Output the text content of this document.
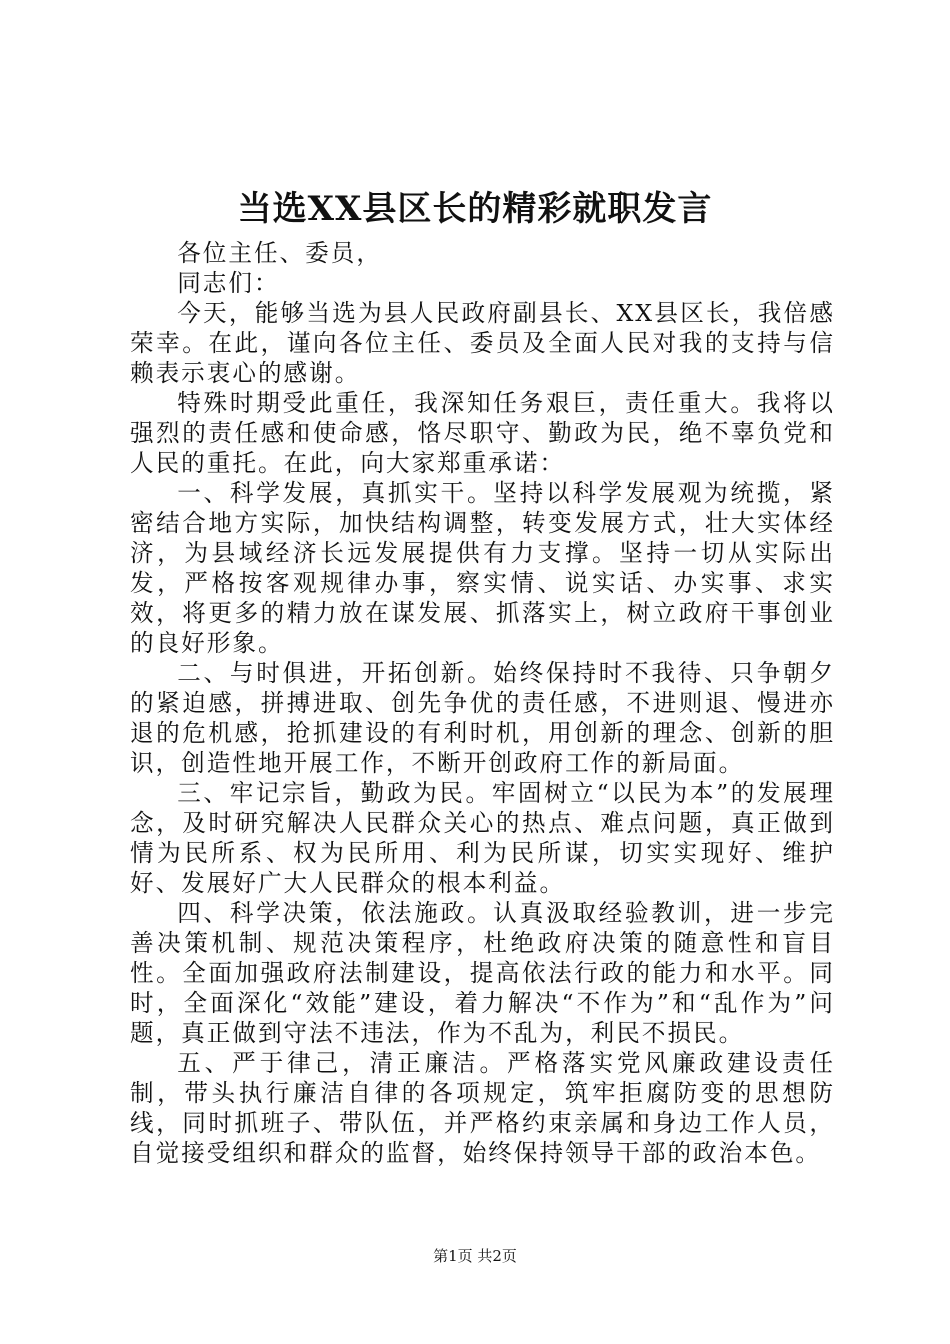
当选XX县区长的精彩就职发言

各位主任、委员，

同志们：

今天，能够当选为县人民政府副县长、XX县区长，我倍感荣幸。在此，谨向各位主任、委员及全面人民对我的支持与信赖表示衷心的感谢。

特殊时期受此重任，我深知任务艰巨，责任重大。我将以强烈的责任感和使命感，恪尽职守、勤政为民，绝不辜负党和人民的重托。在此，向大家郑重承诺：

一、科学发展，真抓实干。坚持以科学发展观为统揽，紧密结合地方实际，加快结构调整，转变发展方式，壮大实体经济，为县域经济长远发展提供有力支撑。坚持一切从实际出发，严格按客观规律办事，察实情、说实话、办实事、求实效，将更多的精力放在谋发展、抓落实上，树立政府干事创业的良好形象。

二、与时俱进，开拓创新。始终保持时不我待、只争朝夕的紧迫感，拼搏进取、创先争优的责任感，不进则退、慢进亦退的危机感，抢抓建设的有利时机，用创新的理念、创新的胆识，创造性地开展工作，不断开创政府工作的新局面。

三、牢记宗旨，勤政为民。牢固树立“以民为本”的发展理念，及时研究解决人民群众关心的热点、难点问题，真正做到情为民所系、权为民所用、利为民所谋，切实实现好、维护好、发展好广大人民群众的根本利益。

四、科学决策，依法施政。认真汲取经验教训，进一步完善决策机制、规范决策程序，杜绝政府决策的随意性和盲目性。全面加强政府法制建设，提高依法行政的能力和水平。同时，全面深化“效能”建设，着力解决“不作为”和“乱作为”问题，真正做到守法不违法，作为不乱为，利民不损民。

五、严于律己，清正廉洁。严格落实党风廉政建设责任制，带头执行廉洁自律的各项规定，筑牢拒腐防变的思想防线，同时抓班子、带队伍，并严格约束亲属和身边工作人员，自觉接受组织和群众的监督，始终保持领导干部的政治本色。

第1页 共2页
